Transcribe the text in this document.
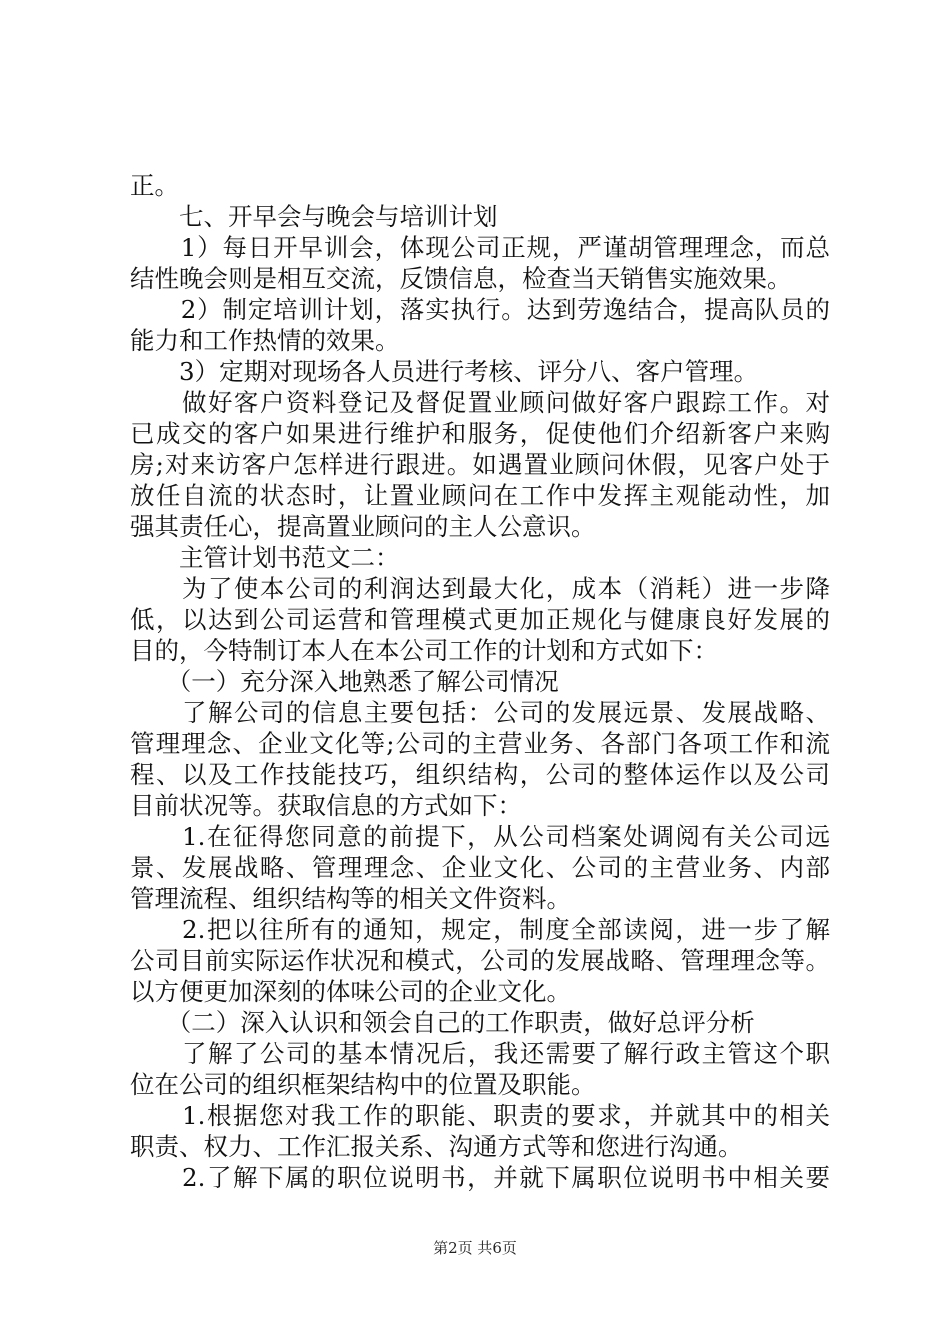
正。
　　七、开早会与晚会与培训计划
　　1）每日开早训会，体现公司正规，严谨胡管理理念，而总
结性晚会则是相互交流，反馈信息，检查当天销售实施效果。
　　2）制定培训计划，落实执行。达到劳逸结合，提高队员的
能力和工作热情的效果。
　　3）定期对现场各人员进行考核、评分八、客户管理。
　　做好客户资料登记及督促置业顾问做好客户跟踪工作。对
已成交的客户如果进行维护和服务，促使他们介绍新客户来购
房;对来访客户怎样进行跟进。如遇置业顾问休假，见客户处于
放任自流的状态时，让置业顾问在工作中发挥主观能动性，加
强其责任心，提高置业顾问的主人公意识。
　　主管计划书范文二：
　　为了使本公司的利润达到最大化，成本（消耗）进一步降
低，以达到公司运营和管理模式更加正规化与健康良好发展的
目的，今特制订本人在本公司工作的计划和方式如下：
　　（一）充分深入地熟悉了解公司情况
　　了解公司的信息主要包括：公司的发展远景、发展战略、
管理理念、企业文化等;公司的主营业务、各部门各项工作和流
程、以及工作技能技巧，组织结构，公司的整体运作以及公司
目前状况等。获取信息的方式如下：
　　1.在征得您同意的前提下，从公司档案处调阅有关公司远
景、发展战略、管理理念、企业文化、公司的主营业务、内部
管理流程、组织结构等的相关文件资料。
　　2.把以往所有的通知，规定，制度全部读阅，进一步了解
公司目前实际运作状况和模式，公司的发展战略、管理理念等。
以方便更加深刻的体味公司的企业文化。
　　（二）深入认识和领会自己的工作职责，做好总评分析
　　了解了公司的基本情况后，我还需要了解行政主管这个职
位在公司的组织框架结构中的位置及职能。
　　1.根据您对我工作的职能、职责的要求，并就其中的相关
职责、权力、工作汇报关系、沟通方式等和您进行沟通。
　　2.了解下属的职位说明书，并就下属职位说明书中相关要
第2页 共6页
